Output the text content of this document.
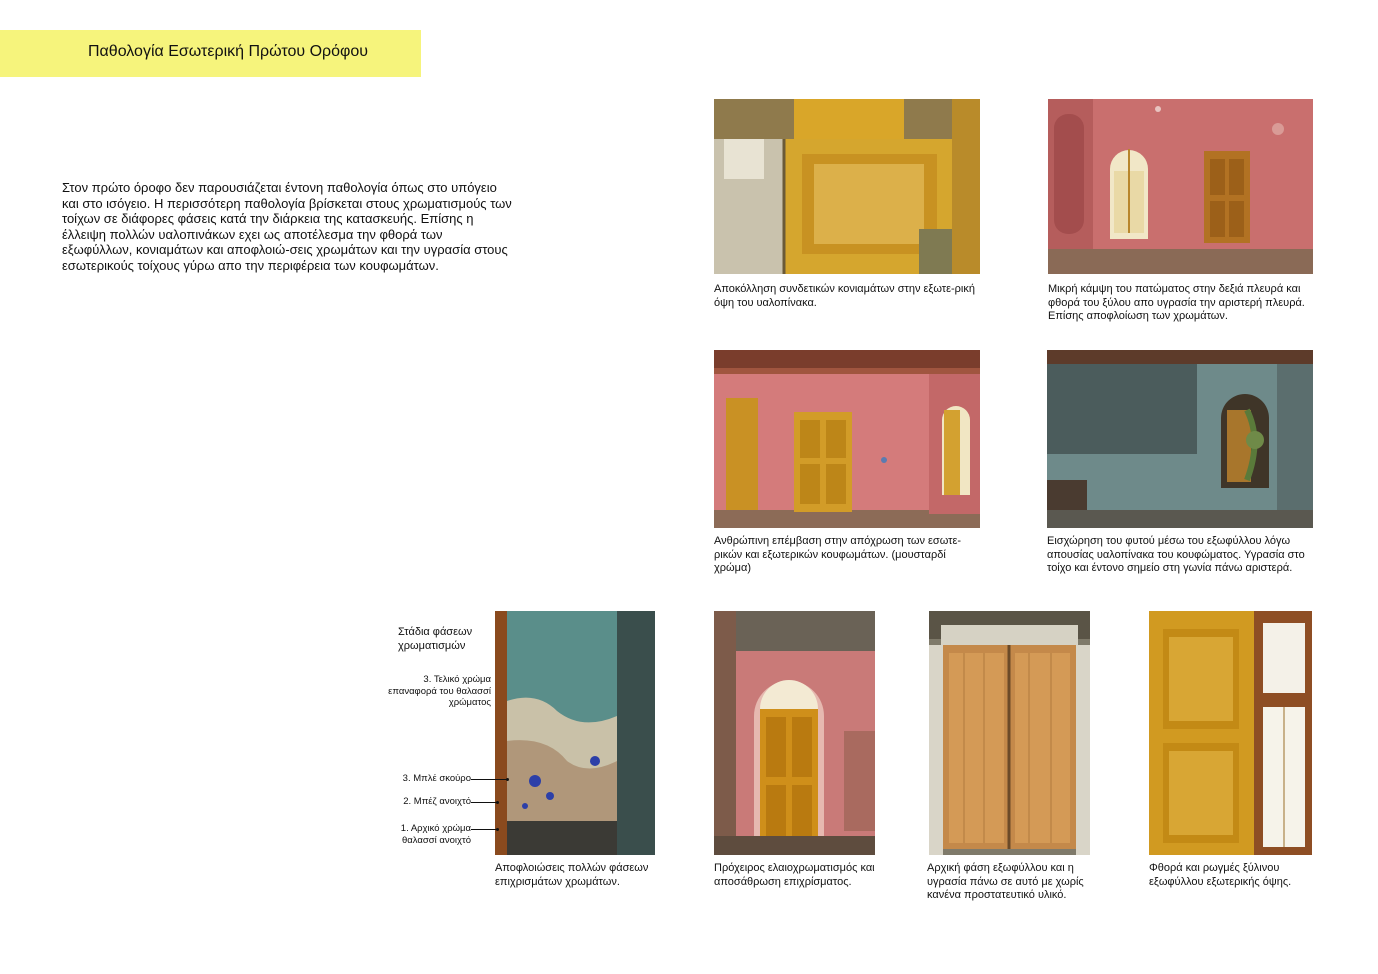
Παθολογία Εσωτερική Πρώτου Ορόφου
Στον πρώτο όροφο δεν παρουσιάζεται έντονη παθολογία όπως στο υπόγειο και στο ισόγειο. Η περισσότερη παθολογία βρίσκεται στους χρωματισμούς των τοίχων σε διάφορες φάσεις κατά την διάρκεια της κατασκευής. Επίσης η έλλειψη πολλών υαλοπινάκων εχει ως αποτέλεσμα την φθορά των εξωφύλλων, κονιαμάτων και αποφλοιώ-σεις χρωμάτων και την υγρασία στους εσωτερικούς τοίχους γύρω απο την περιφέρεια των κουφωμάτων.
Αποκόλληση συνδετικών κονιαμάτων στην εξωτε-ρική όψη του υαλοπίνακα.
Μικρή κάμψη του πατώματος στην δεξιά πλευρά και φθορά του ξύλου απο υγρασία την αριστερή πλευρά. Επίσης αποφλοίωση των χρωμάτων.
Ανθρώπινη επέμβαση στην απόχρωση των εσωτε-ρικών και εξωτερικών κουφωμάτων. (μουσταρδί χρώμα)
Εισχώρηση του φυτού μέσω του εξωφύλλου λόγω απουσίας υαλοπίνακα του κουφώματος. Υγρασία στο τοίχο και έντονο σημείο στη γωνία πάνω αριστερά.
Στάδια φάσεων χρωματισμών
Αποφλοιώσεις πολλών φάσεων επιχρισμάτων χρωμάτων.
3. Τελικό χρώμα επαναφορά του θαλασσί χρώματος
3. Μπλέ σκούρο
2. Μπέζ ανοιχτό
1. Αρχικό χρώμα θαλασσί ανοιχτό
Πρόχειρος ελαιοχρωματισμός και αποσάθρωση επιχρίσματος.
Αρχική φάση εξωφύλλου και η υγρασία πάνω σε αυτό με χωρίς κανένα προστατευτικό υλικό.
Φθορά και ρωγμές ξύλινου εξωφύλλου εξωτερικής όψης.
